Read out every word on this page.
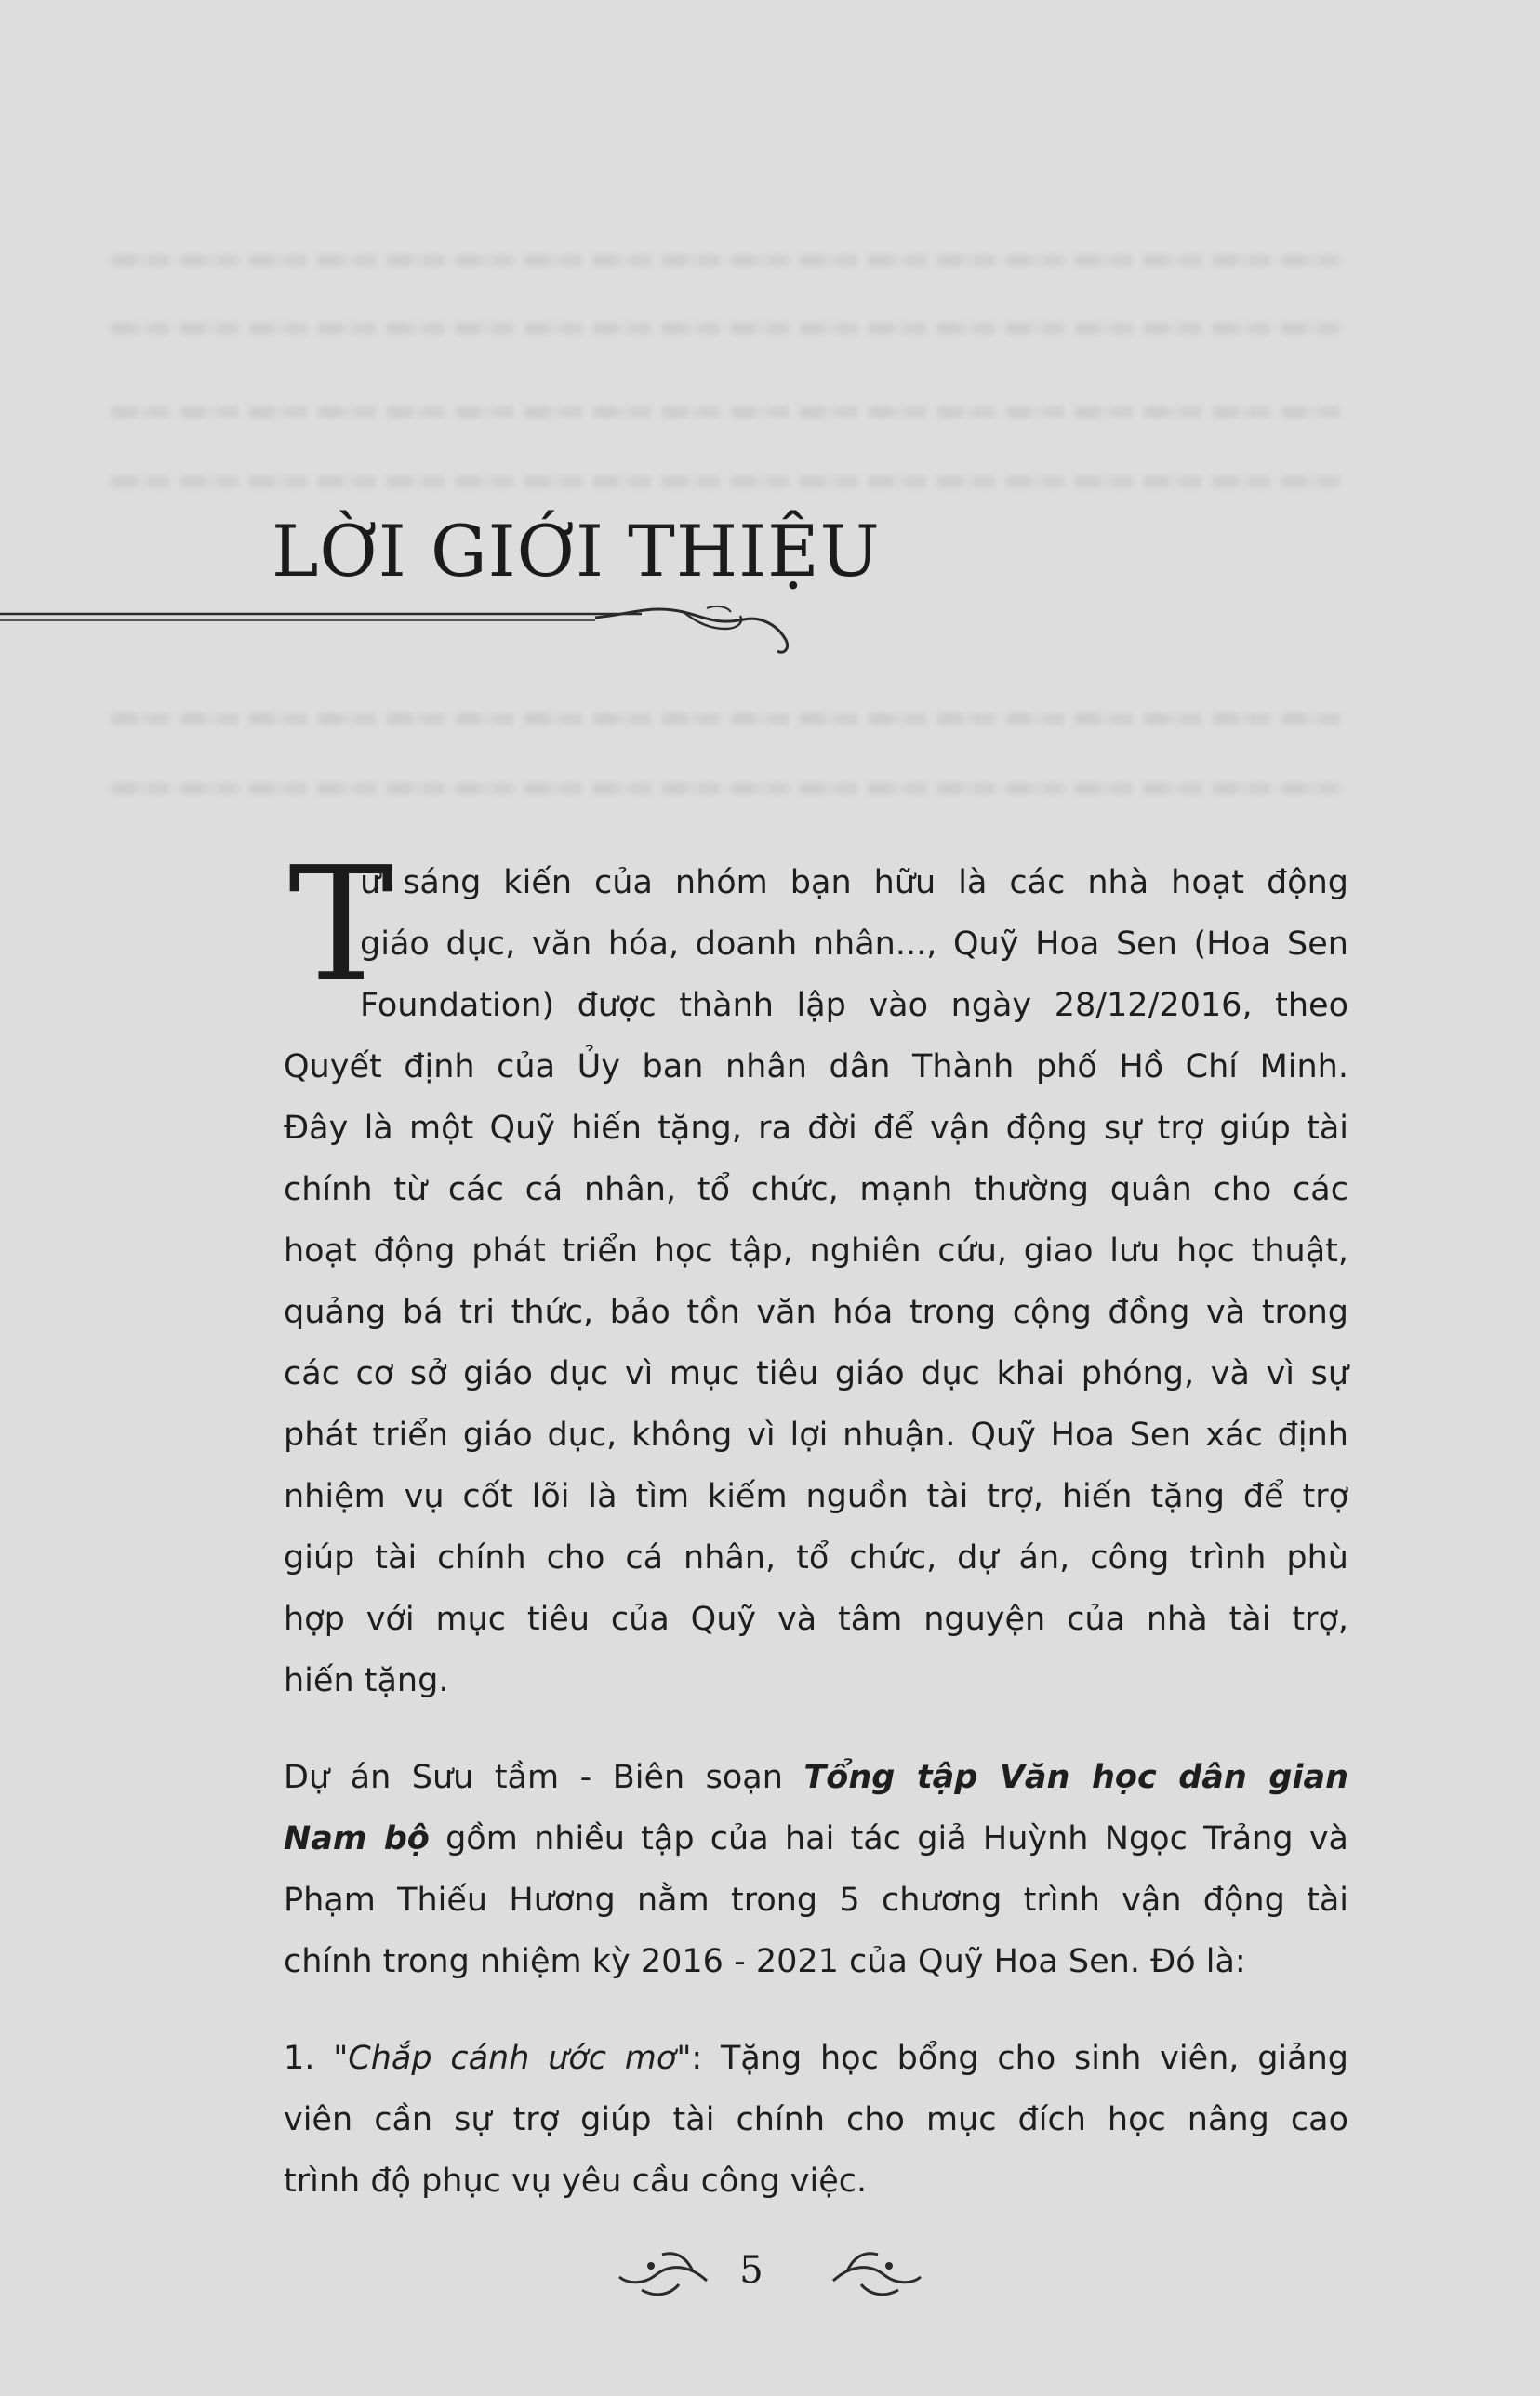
LỜI GIỚI THIỆU
T
ừ sáng kiến của nhóm bạn hữu là các nhà hoạt động
giáo dục, văn hóa, doanh nhân..., Quỹ Hoa Sen (Hoa Sen
Foundation) được thành lập vào ngày 28/12/2016, theo
Quyết định của Ủy ban nhân dân Thành phố Hồ Chí Minh.
Đây là một Quỹ hiến tặng, ra đời để vận động sự trợ giúp tài
chính từ các cá nhân, tổ chức, mạnh thường quân cho các
hoạt động phát triển học tập, nghiên cứu, giao lưu học thuật,
quảng bá tri thức, bảo tồn văn hóa trong cộng đồng và trong
các cơ sở giáo dục vì mục tiêu giáo dục khai phóng, và vì sự
phát triển giáo dục, không vì lợi nhuận. Quỹ Hoa Sen xác định
nhiệm vụ cốt lõi là tìm kiếm nguồn tài trợ, hiến tặng để trợ
giúp tài chính cho cá nhân, tổ chức, dự án, công trình phù
hợp với mục tiêu của Quỹ và tâm nguyện của nhà tài trợ,
hiến tặng.
Dự án Sưu tầm - Biên soạn Tổng tập Văn học dân gian
Nam bộ gồm nhiều tập của hai tác giả Huỳnh Ngọc Trảng và
Phạm Thiếu Hương nằm trong 5 chương trình vận động tài
chính trong nhiệm kỳ 2016 - 2021 của Quỹ Hoa Sen. Đó là:
1. "Chắp cánh ước mơ": Tặng học bổng cho sinh viên, giảng
viên cần sự trợ giúp tài chính cho mục đích học nâng cao
trình độ phục vụ yêu cầu công việc.
5
